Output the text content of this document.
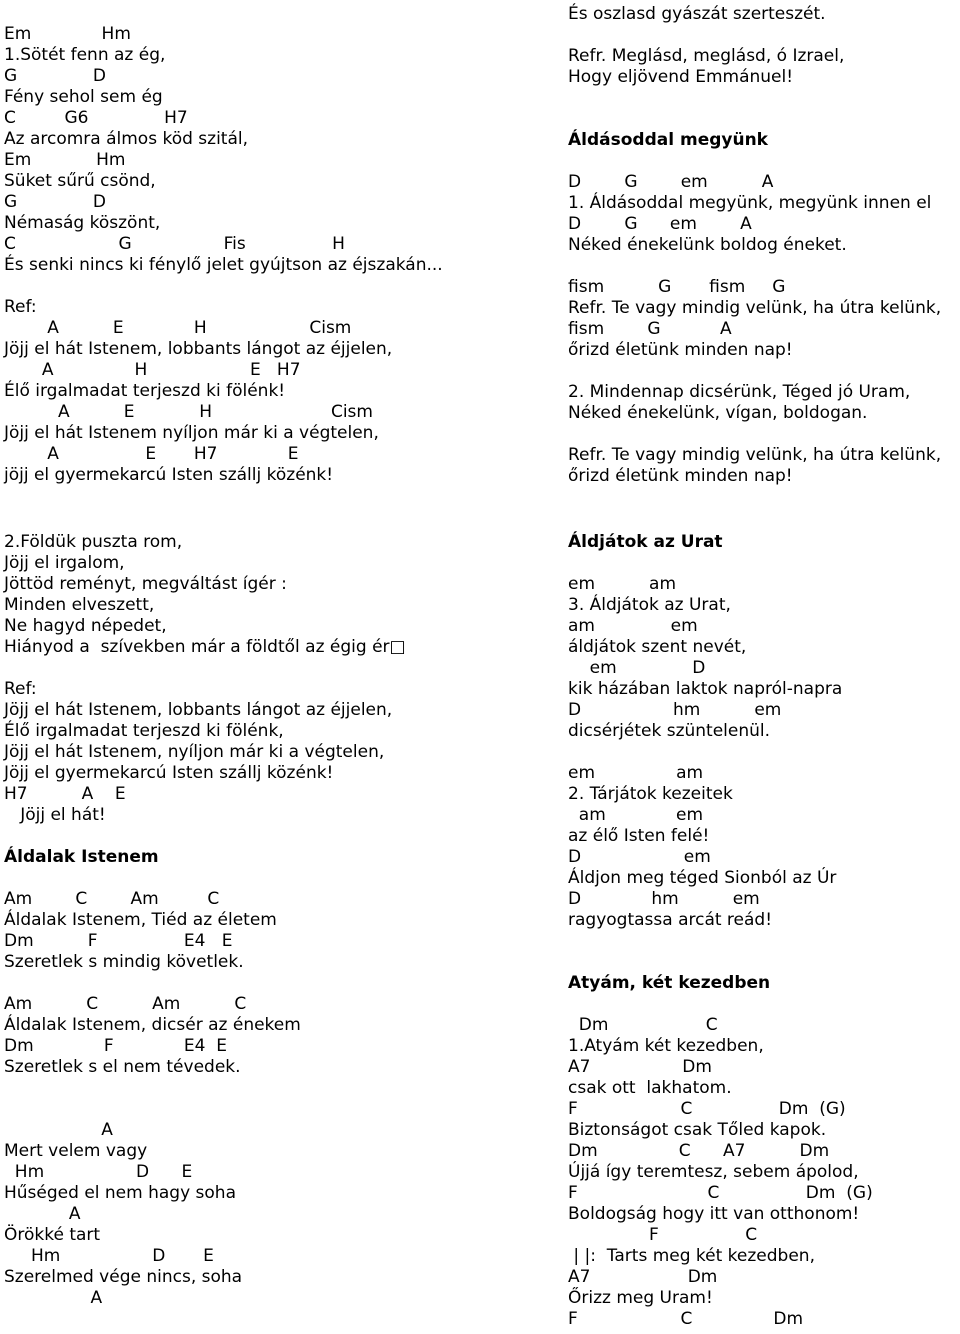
Em             Hm
1.Sötét fenn az ég,
G              D
Fény sehol sem ég
C         G6              H7
Az arcomra álmos köd szitál,
Em            Hm
Süket sűrű csönd,
G              D
Némaság köszönt,
C                   G                 Fis                H
És senki nincs ki fénylő jelet gyújtson az éjszakán...
Ref:
A          E             H                   Cism
Jöjj el hát Istenem, lobbants lángot az éjjelen,
A               H                   E   H7
Élő irgalmadat terjeszd ki fölénk!
A          E            H                      Cism
Jöjj el hát Istenem nyíljon már ki a végtelen,
A                E       H7             E
jöjj el gyermekarcú Isten szállj közénk!
És oszlasd gyászát szerteszét.
Refr. Meglásd, meglásd, ó Izrael,
Hogy eljövend Emmánuel!
Áldásoddal megyünk
D        G        em          A
1. Áldásoddal megyünk, megyünk innen el
D        G      em        A
Néked énekelünk boldog éneket.
fism          G       fism     G
Refr. Te vagy mindig velünk, ha útra kelünk,
fism        G           A
őrizd életünk minden nap!
2. Mindennap dicsérünk, Téged jó Uram,
Néked énekelünk, vígan, boldogan.
Refr. Te vagy mindig velünk, ha útra kelünk,
őrizd életünk minden nap!
2.Földük puszta rom,
Jöjj el irgalom,
Jöttöd reményt, megváltást ígér :
Minden elveszett,
Ne hagyd népedet,
Hiányod a  szívekben már a földtől az égig ér□
Ref:
Jöjj el hát Istenem, lobbants lángot az éjjelen,
Élő irgalmadat terjeszd ki fölénk,
Jöjj el hát Istenem, nyíljon már ki a végtelen,
Jöjj el gyermekarcú Isten szállj közénk!
H7          A    E
Jöjj el hát!
Áldalak Istenem
Am        C        Am         C
Áldalak Istenem, Tiéd az életem
Dm          F                E4   E
Szeretlek s mindig követlek.
Am          C          Am          C
Áldalak Istenem, dicsér az énekem
Dm             F             E4  E
Szeretlek s el nem tévedek.
A
Mert velem vagy
Hm                 D      E
Hűséged el nem hagy soha
A
Örökké tart
Hm                 D       E
Szerelmed vége nincs, soha
A
Áldjátok az Urat
em          am
3. Áldjátok az Urat,
am              em
áldjátok szent nevét,
em              D
kik házában laktok napról-napra
D                 hm          em
dicsérjétek szüntelenül.
em               am
2. Tárjátok kezeitek
am             em
az élő Isten felé!
D                   em
Áldjon meg téged Sionból az Úr
D             hm          em
ragyogtassa arcát reád!
Atyám, két kezedben
Dm                  C
1.Atyám két kezedben,
A7                 Dm
csak ott  lakhatom.
F                   C                Dm  (G)
Biztonságot csak Tőled kapok.
Dm               C      A7          Dm
Újjá így teremtesz, sebem ápolod,
F                        C                Dm  (G)
Boldogság hogy itt van otthonom!
F                C
| |:  Tarts meg két kezedben,
A7                  Dm
Őrizz meg Uram!
F                   C               Dm
